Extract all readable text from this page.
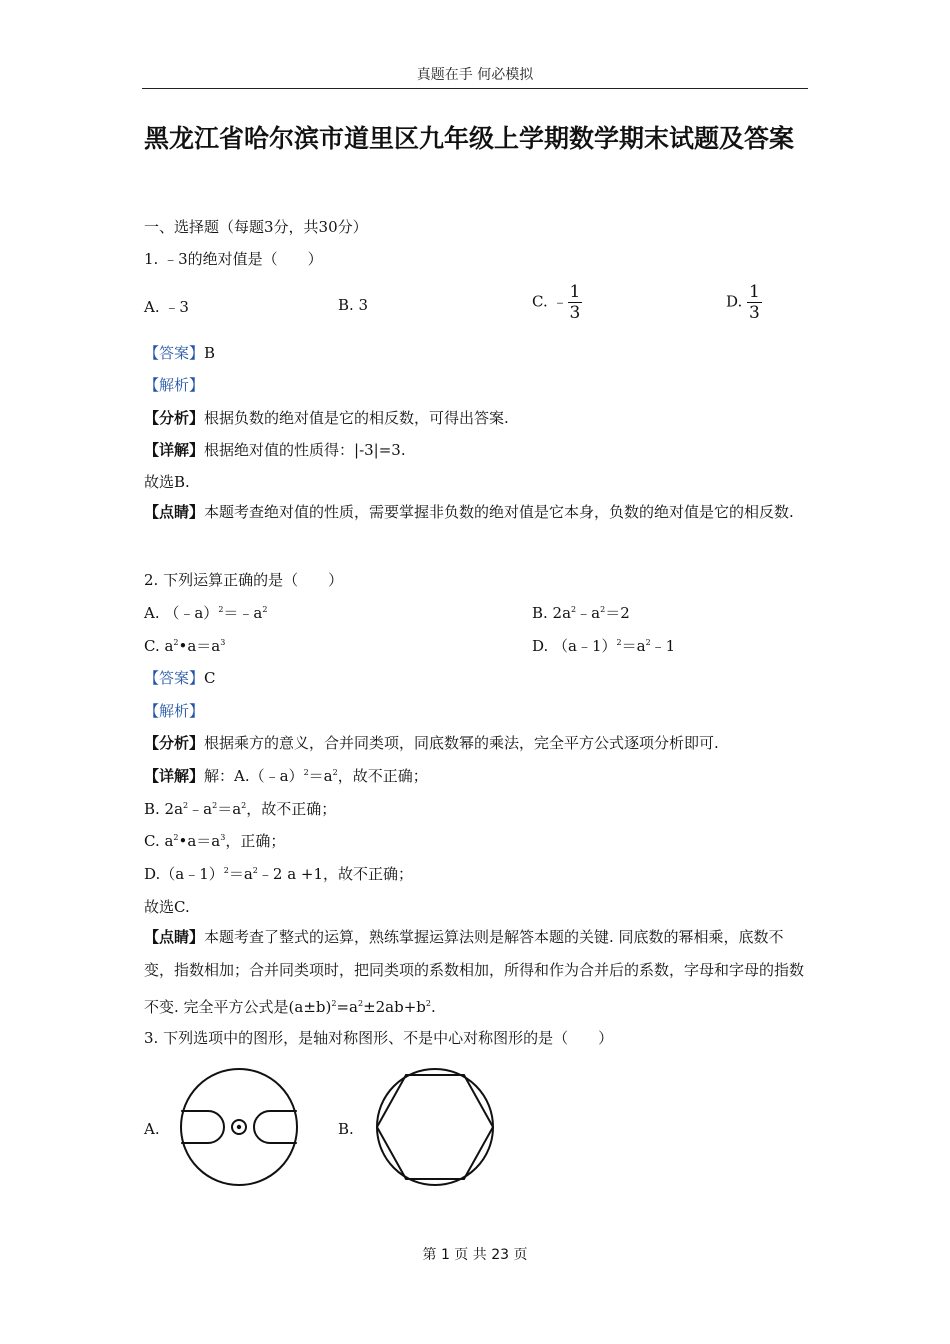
真题在手 何必模拟
黑龙江省哈尔滨市道里区九年级上学期数学期末试题及答案
一、选择题（每题3分，共30分）
1. ﹣3的绝对值是（　　）
A. ﹣3	B. 3	C. ﹣ $\frac{1}{3}$	D. $\frac{1}{3}$
【答案】B
【解析】
【分析】根据负数的绝对值是它的相反数，可得出答案.
【详解】根据绝对值的性质得：|-3|=3.
故选B.
【点睛】本题考查绝对值的性质，需要掌握非负数的绝对值是它本身，负数的绝对值是它的相反数.
2. 下列运算正确的是（　　）
A. $(﹣a)^2=﹣a^2$	B. $2a^2﹣a^2=2$
C. $a^2•a=a^3$	D. $(a﹣1)^2=a^2﹣1$
【答案】C
【解析】
【分析】根据乘方的意义，合并同类项，同底数幂的乘法，完全平方公式逐项分析即可.
【详解】解：$A.(﹣a)^2=a^2$，故不正确；
B. $2a^2﹣a^2=a^2$，故不正确；
C. $a^2•a=a^3$，正确；
$D.(a﹣1)^2=a^2﹣2$ a +1，故不正确；
故选C.
【点睛】本题考查了整式的运算，熟练掌握运算法则是解答本题的关键. 同底数的幂相乘，底数不变，指数相加；合并同类项时，把同类项的系数相加，所得和作为合并后的系数，字母和字母的指数不变. 完全平方公式是$(a\pm b)^2=a^2\pm 2ab+b^2$.
3. 下列选项中的图形，是轴对称图形、不是中心对称图形的是（　　）
A.	B.
第 1 页 共 23 页
